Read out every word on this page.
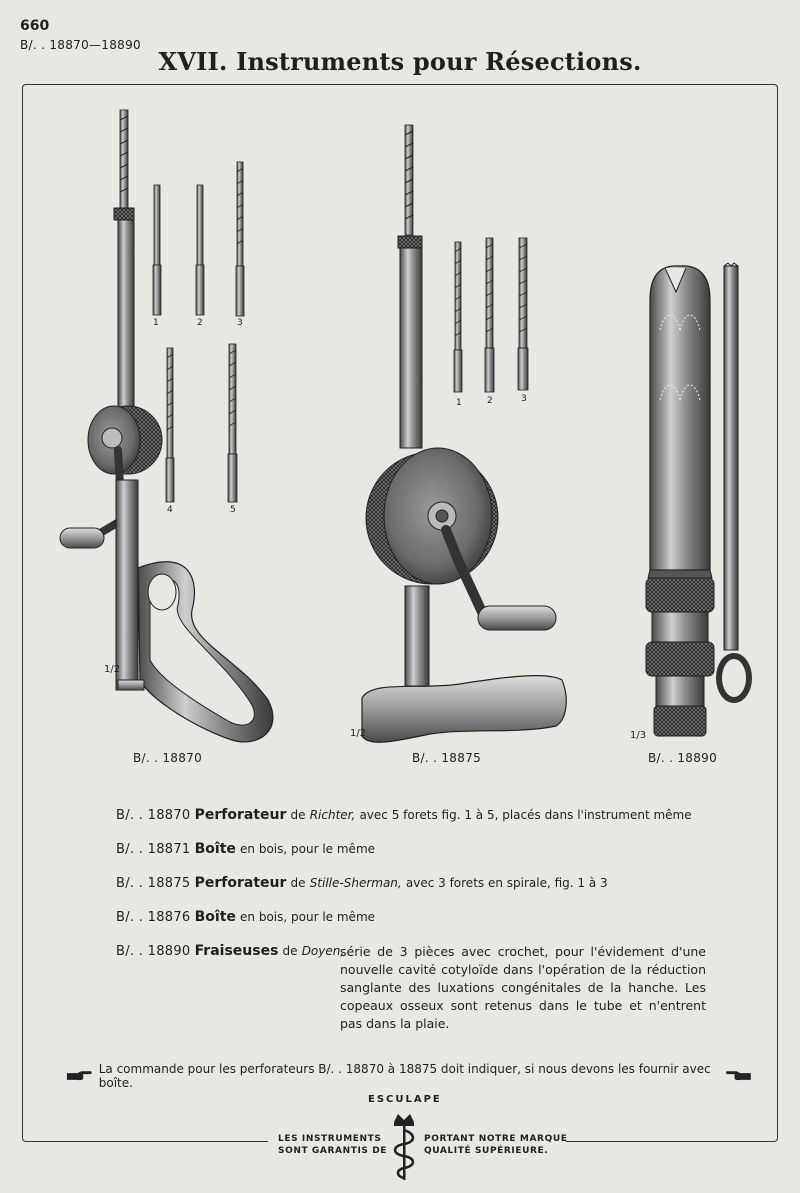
660
B/. . 18870—18890
XVII. Instruments pour Résections.
1	2	3
4	5
1/2
1	2	3
1/2	1/3
B/. . 18870	B/. . 18875	B/. . 18890
B/. . 18870 Perforateur de Richter, avec 5 forets fig. 1 à 5, placés dans l'instrument même
B/. . 18871 Boîte en bois, pour le même
B/. . 18875 Perforateur de Stille-Sherman, avec 3 forets en spirale, fig. 1 à 3
B/. . 18876 Boîte en bois, pour le même
B/. . 18890 Fraiseuses de Doyen,
série de 3 pièces avec crochet, pour l'évidement d'une nouvelle cavité cotyloïde dans l'opération de la réduction sanglante des luxations congénitales de la hanche. Les copeaux osseux sont retenus dans le tube et n'entrent pas dans la plaie.
La commande pour les perforateurs B/. . 18870 à 18875 doit indiquer, si nous devons les fournir avec boîte.
ESCULAPE
LES INSTRUMENTS
SONT GARANTIS DE
PORTANT NOTRE MARQUE
QUALITÉ SUPÉRIEURE.
